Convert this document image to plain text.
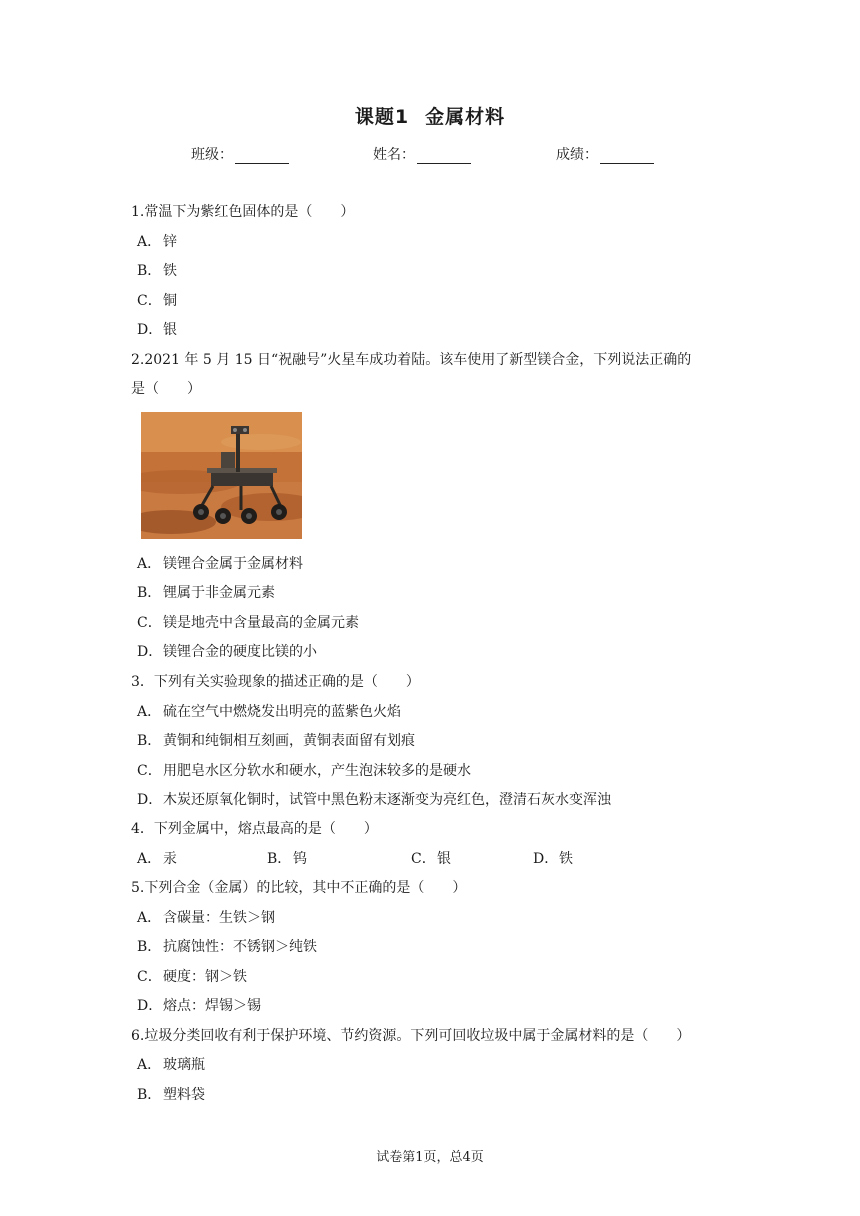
课题1 金属材料
班级：	姓名：	成绩：
1.常温下为紫红色固体的是（　　）
A． 锌
B． 铁
C．铜
D．银
2.2021 年 5 月 15 日“祝融号”火星车成功着陆。该车使用了新型镁合金，下列说法正确的
是（　　）
A． 镁锂合金属于金属材料
B． 锂属于非金属元素
C．镁是地壳中含量最高的金属元素
D．镁锂合金的硬度比镁的小
3．下列有关实验现象的描述正确的是（　　）
A． 硫在空气中燃烧发出明亮的蓝紫色火焰
B． 黄铜和纯铜相互刻画，黄铜表面留有划痕
C．用肥皂水区分软水和硬水，产生泡沫较多的是硬水
D．木炭还原氧化铜时，试管中黑色粉末逐渐变为亮红色，澄清石灰水变浑浊
4．下列金属中，熔点最高的是（　　）
A． 汞	B． 钨	C．银	D．铁
5.下列合金（金属）的比较，其中不正确的是（　　）
A． 含碳量：生铁＞钢
B． 抗腐蚀性：不锈钢＞纯铁
C．硬度：钢＞铁
D．熔点：焊锡＞锡
6.垃圾分类回收有利于保护环境、节约资源。下列可回收垃圾中属于金属材料的是（　　）
A． 玻璃瓶
B． 塑料袋
试卷第1页，总4页
